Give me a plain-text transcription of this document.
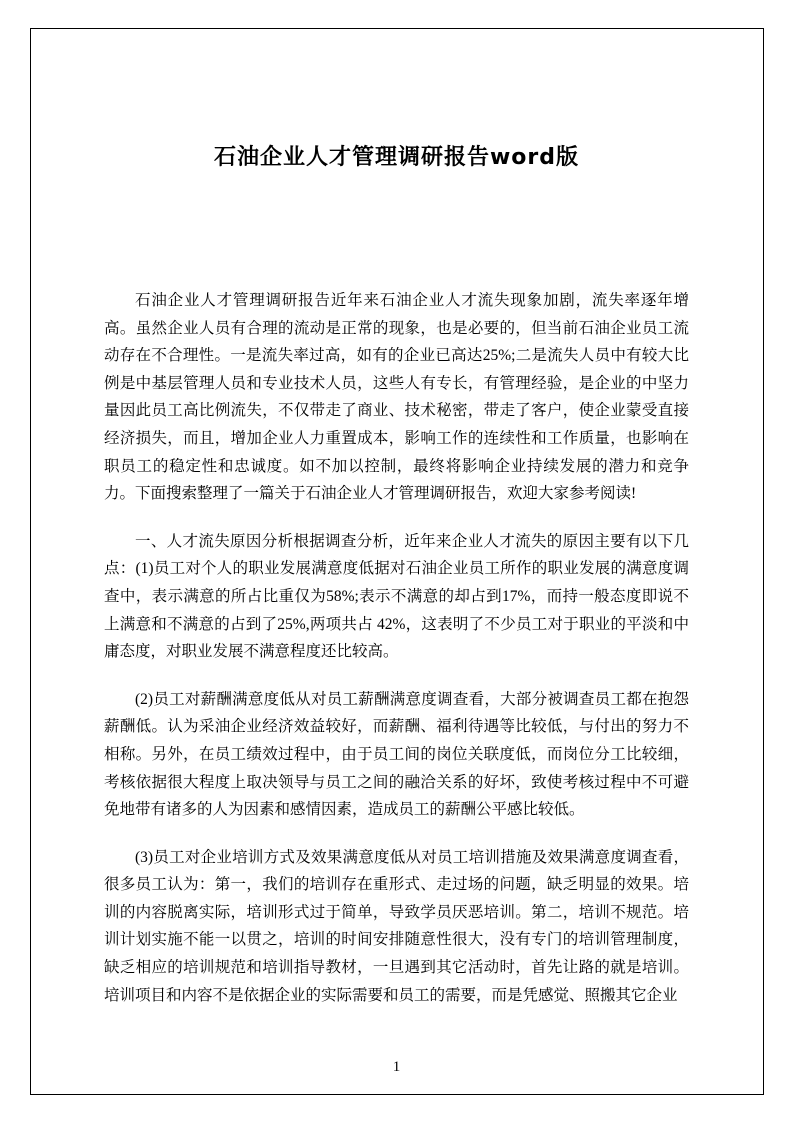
石油企业人才管理调研报告word版

石油企业人才管理调研报告近年来石油企业人才流失现象加剧，流失率逐年增高。虽然企业人员有合理的流动是正常的现象，也是必要的，但当前石油企业员工流动存在不合理性。一是流失率过高，如有的企业已高达25%;二是流失人员中有较大比例是中基层管理人员和专业技术人员，这些人有专长，有管理经验，是企业的中坚力量因此员工高比例流失，不仅带走了商业、技术秘密，带走了客户，使企业蒙受直接经济损失，而且，增加企业人力重置成本，影响工作的连续性和工作质量，也影响在职员工的稳定性和忠诚度。如不加以控制，最终将影响企业持续发展的潜力和竞争力。下面搜索整理了一篇关于石油企业人才管理调研报告，欢迎大家参考阅读!

一、人才流失原因分析根据调查分析，近年来企业人才流失的原因主要有以下几点：(1)员工对个人的职业发展满意度低据对石油企业员工所作的职业发展的满意度调查中，表示满意的所占比重仅为58%;表示不满意的却占到17%，而持一般态度即说不上满意和不满意的占到了25%,两项共占 42%，这表明了不少员工对于职业的平淡和中庸态度，对职业发展不满意程度还比较高。

(2)员工对薪酬满意度低从对员工薪酬满意度调查看，大部分被调查员工都在抱怨薪酬低。认为采油企业经济效益较好，而薪酬、福利待遇等比较低，与付出的努力不相称。另外，在员工绩效过程中，由于员工间的岗位关联度低，而岗位分工比较细，考核依据很大程度上取决领导与员工之间的融洽关系的好坏，致使考核过程中不可避免地带有诸多的人为因素和感情因素，造成员工的薪酬公平感比较低。

(3)员工对企业培训方式及效果满意度低从对员工培训措施及效果满意度调查看，很多员工认为：第一，我们的培训存在重形式、走过场的问题，缺乏明显的效果。培训的内容脱离实际，培训形式过于简单，导致学员厌恶培训。第二，培训不规范。培训计划实施不能一以贯之，培训的时间安排随意性很大，没有专门的培训管理制度，缺乏相应的培训规范和培训指导教材，一旦遇到其它活动时，首先让路的就是培训。培训项目和内容不是依据企业的实际需要和员工的需要，而是凭感觉、照搬其它企业

1
